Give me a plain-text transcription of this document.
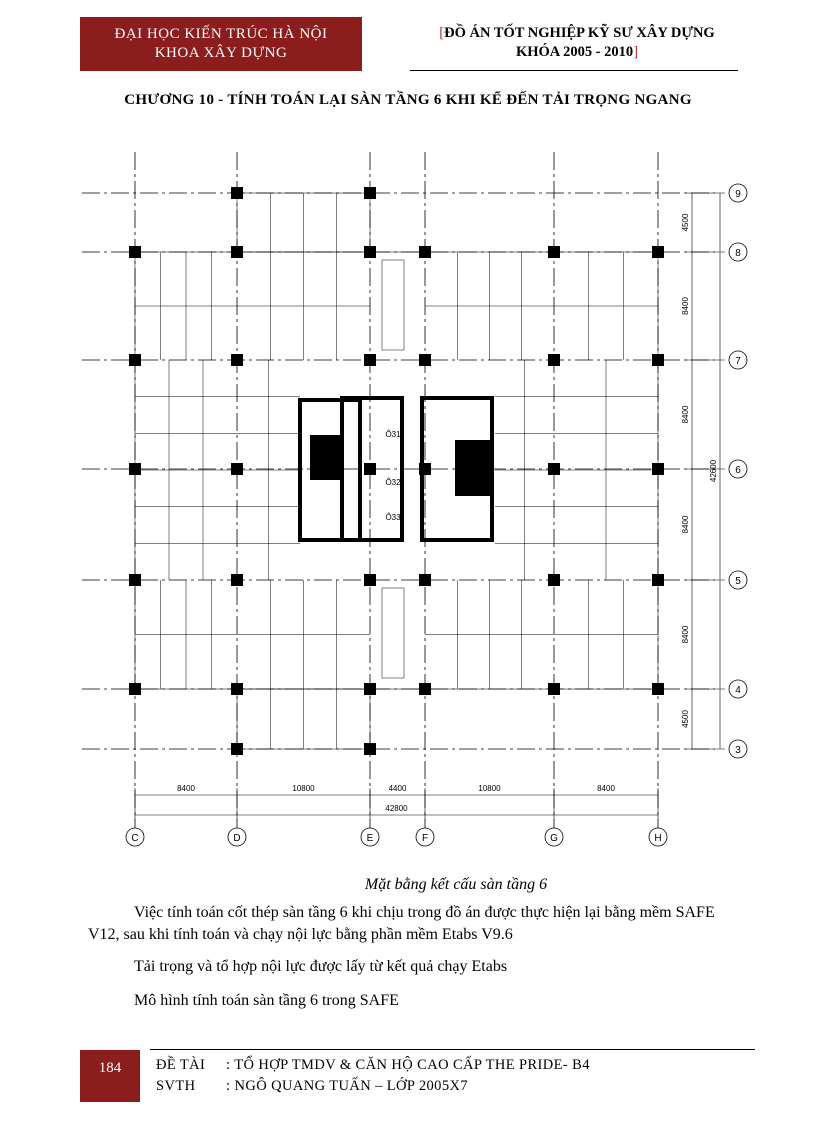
ĐẠI HỌC KIẾN TRÚC HÀ NỘI
KHOA XÂY DỰNG
[ĐỒ ÁN TỐT NGHIỆP KỸ SƯ XÂY DỰNG
KHÓA 2005 - 2010]
CHƯƠNG 10 - TÍNH TOÁN LẠI SÀN TẦNG 6 KHI KỂ ĐẾN TẢI TRỌNG NGANG
C	D	E	F	G	H
9
8
7
6
5
4
3
8400	10800	4400	10800	8400
42800
4500
8400
8400
8400
8400
4500
42600
Ô31
Ô32
Ô33
Mặt bằng kết cấu sàn tầng 6
Việc tính toán cốt thép sàn tầng 6 khi chịu trong đồ án được thực hiện lại bằng mềm SAFE V12, sau khi tính toán và chạy nội lực bằng phần mềm Etabs V9.6
Tải trọng và tổ hợp nội lực được lấy từ kết quả chạy Etabs
Mô hình tính toán sàn tầng 6 trong SAFE
184	ĐỀ TÀI : TỔ HỢP TMDV & CĂN HỘ CAO CẤP THE PRIDE- B4
SVTH : NGÔ QUANG TUẤN – LỚP 2005X7
